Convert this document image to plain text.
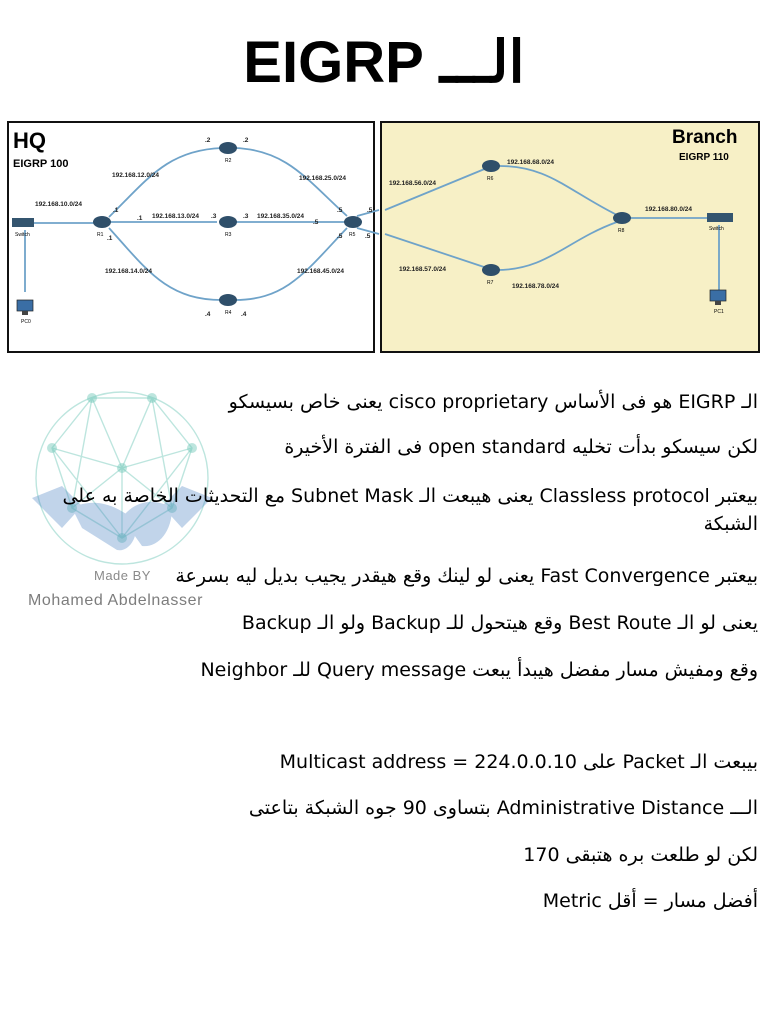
الـــ EIGRP
HQ
EIGRP 100
Branch
EIGRP 110
R1
R2
R3
R4
R5
Switch
PC0
R6
R7
R8	Switch
PC1
192.168.10.0/24
192.168.12.0/24
192.168.13.0/24
192.168.14.0/24
192.168.25.0/24
192.168.35.0/24
192.168.45.0/24
192.168.56.0/24
192.168.68.0/24
192.168.57.0/24
192.168.78.0/24
192.168.80.0/24
.1
.1
.1
.2	.2
.3	.3
.4	.4
.5
.5
.5
.5
.5
Made BY
Mohamed Abdelnasser
الـ EIGRP هو فى الأساس cisco proprietary يعنى خاص بسيسكو
لكن سيسكو بدأت تخليه open standard فى الفترة الأخيرة
بيعتبر Classless protocol يعنى هيبعت الـ Subnet Mask مع التحديثات الخاصة به على الشبكة
بيعتبر Fast Convergence يعنى لو لينك وقع هيقدر يجيب بديل ليه بسرعة
يعنى لو الـ Best Route وقع هيتحول للـ Backup ولو الـ Backup
وقع ومفيش مسار مفضل هيبدأ يبعت Query message للـ Neighbor
بيبعت الـ Packet على 224.0.0.10 = Multicast address
الـــ Administrative Distance بتساوى 90 جوه الشبكة بتاعتى
لكن لو طلعت بره هتبقى 170
أفضل مسار = أقل Metric
